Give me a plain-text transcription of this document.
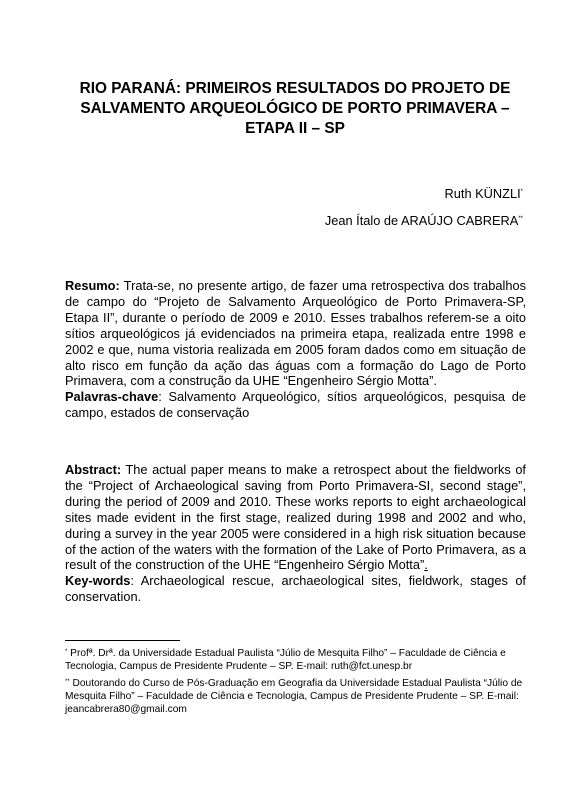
RIO PARANÁ: PRIMEIROS RESULTADOS DO PROJETO DE
SALVAMENTO ARQUEOLÓGICO DE PORTO PRIMAVERA –
ETAPA II – SP
Ruth KÜNZLI*
Jean Ítalo de ARAÚJO CABRERA**

Resumo: Trata-se, no presente artigo, de fazer uma retrospectiva dos trabalhos de campo do “Projeto de Salvamento Arqueológico de Porto Primavera-SP, Etapa II”, durante o período de 2009 e 2010. Esses trabalhos referem-se a oito sítios arqueológicos já evidenciados na primeira etapa, realizada entre 1998 e 2002 e que, numa vistoria realizada em 2005 foram dados como em situação de alto risco em função da ação das águas com a formação do Lago de Porto Primavera, com a construção da UHE “Engenheiro Sérgio Motta”.

Palavras-chave: Salvamento Arqueológico, sítios arqueológicos, pesquisa de campo, estados de conservação

Abstract: The actual paper means to make a retrospect about the fieldworks of the “Project of Archaeological saving from Porto Primavera-SI, second stage”, during the period of 2009 and 2010. These works reports to eight archaeological sites made evident in the first stage, realized during 1998 and 2002 and who, during a survey in the year 2005 were considered in a high risk situation because of the action of the waters with the formation of the Lake of Porto Primavera, as a result of the construction of the UHE “Engenheiro Sérgio Motta”.

Key-words: Archaeological rescue, archaeological sites, fieldwork, stages of conservation.

* Profª. Drª. da Universidade Estadual Paulista “Júlio de Mesquita Filho” – Faculdade de Ciência e Tecnologia, Campus de Presidente Prudente – SP. E-mail: ruth@fct.unesp.br

** Doutorando do Curso de Pós-Graduação em Geografia da Universidade Estadual Paulista “Júlio de Mesquita Filho” – Faculdade de Ciência e Tecnologia, Campus de Presidente Prudente – SP. E-mail: jeancabrera80@gmail.com
